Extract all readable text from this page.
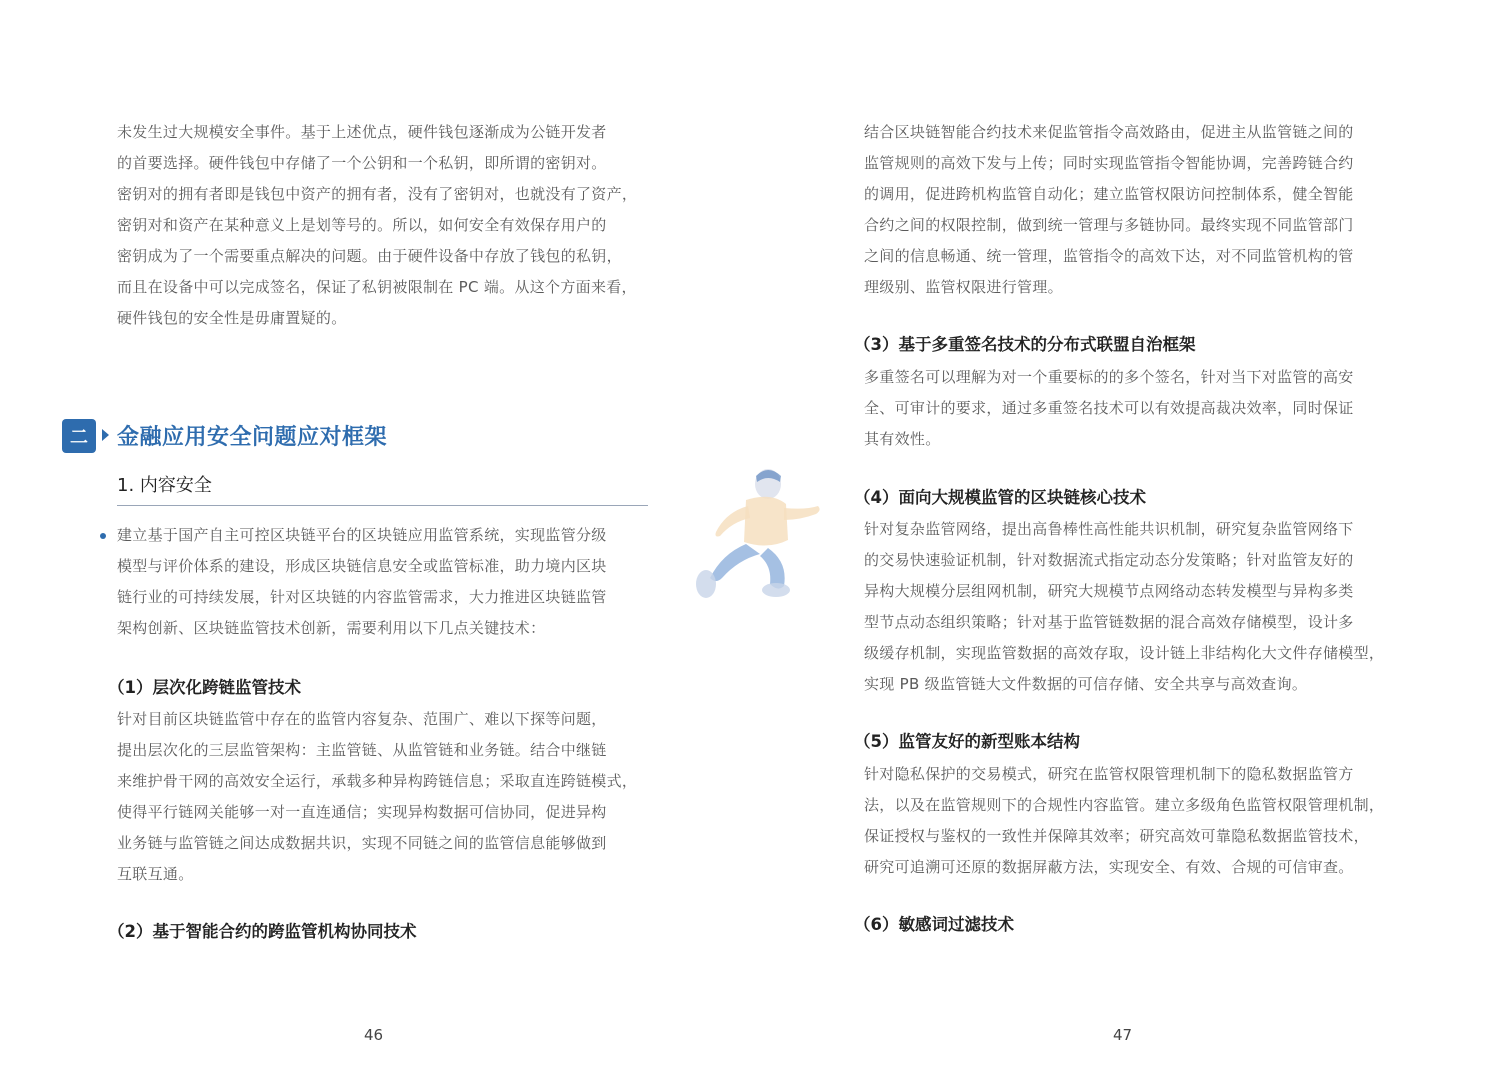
未发生过大规模安全事件。基于上述优点，硬件钱包逐渐成为公链开发者
的首要选择。硬件钱包中存储了一个公钥和一个私钥，即所谓的密钥对。
密钥对的拥有者即是钱包中资产的拥有者，没有了密钥对，也就没有了资产，
密钥对和资产在某种意义上是划等号的。所以，如何安全有效保存用户的
密钥成为了一个需要重点解决的问题。由于硬件设备中存放了钱包的私钥，
而且在设备中可以完成签名，保证了私钥被限制在 PC 端。从这个方面来看，
硬件钱包的安全性是毋庸置疑的。
二	金融应用安全问题应对框架
1. 内容安全
建立基于国产自主可控区块链平台的区块链应用监管系统，实现监管分级
模型与评价体系的建设，形成区块链信息安全或监管标准，助力境内区块
链行业的可持续发展，针对区块链的内容监管需求，大力推进区块链监管
架构创新、区块链监管技术创新，需要利用以下几点关键技术：
（1）层次化跨链监管技术
针对目前区块链监管中存在的监管内容复杂、范围广、难以下探等问题，
提出层次化的三层监管架构：主监管链、从监管链和业务链。结合中继链
来维护骨干网的高效安全运行，承载多种异构跨链信息；采取直连跨链模式，
使得平行链网关能够一对一直连通信；实现异构数据可信协同，促进异构
业务链与监管链之间达成数据共识，实现不同链之间的监管信息能够做到
互联互通。
（2）基于智能合约的跨监管机构协同技术
46
结合区块链智能合约技术来促监管指令高效路由，促进主从监管链之间的
监管规则的高效下发与上传；同时实现监管指令智能协调，完善跨链合约
的调用，促进跨机构监管自动化；建立监管权限访问控制体系，健全智能
合约之间的权限控制，做到统一管理与多链协同。最终实现不同监管部门
之间的信息畅通、统一管理，监管指令的高效下达，对不同监管机构的管
理级别、监管权限进行管理。
（3）基于多重签名技术的分布式联盟自治框架
多重签名可以理解为对一个重要标的的多个签名，针对当下对监管的高安
全、可审计的要求，通过多重签名技术可以有效提高裁决效率，同时保证
其有效性。
（4）面向大规模监管的区块链核心技术
针对复杂监管网络，提出高鲁棒性高性能共识机制，研究复杂监管网络下
的交易快速验证机制，针对数据流式指定动态分发策略；针对监管友好的
异构大规模分层组网机制，研究大规模节点网络动态转发模型与异构多类
型节点动态组织策略；针对基于监管链数据的混合高效存储模型，设计多
级缓存机制，实现监管数据的高效存取，设计链上非结构化大文件存储模型，
实现 PB 级监管链大文件数据的可信存储、安全共享与高效查询。
（5）监管友好的新型账本结构
针对隐私保护的交易模式，研究在监管权限管理机制下的隐私数据监管方
法，以及在监管规则下的合规性内容监管。建立多级角色监管权限管理机制，
保证授权与鉴权的一致性并保障其效率；研究高效可靠隐私数据监管技术，
研究可追溯可还原的数据屏蔽方法，实现安全、有效、合规的可信审查。
（6）敏感词过滤技术
47
